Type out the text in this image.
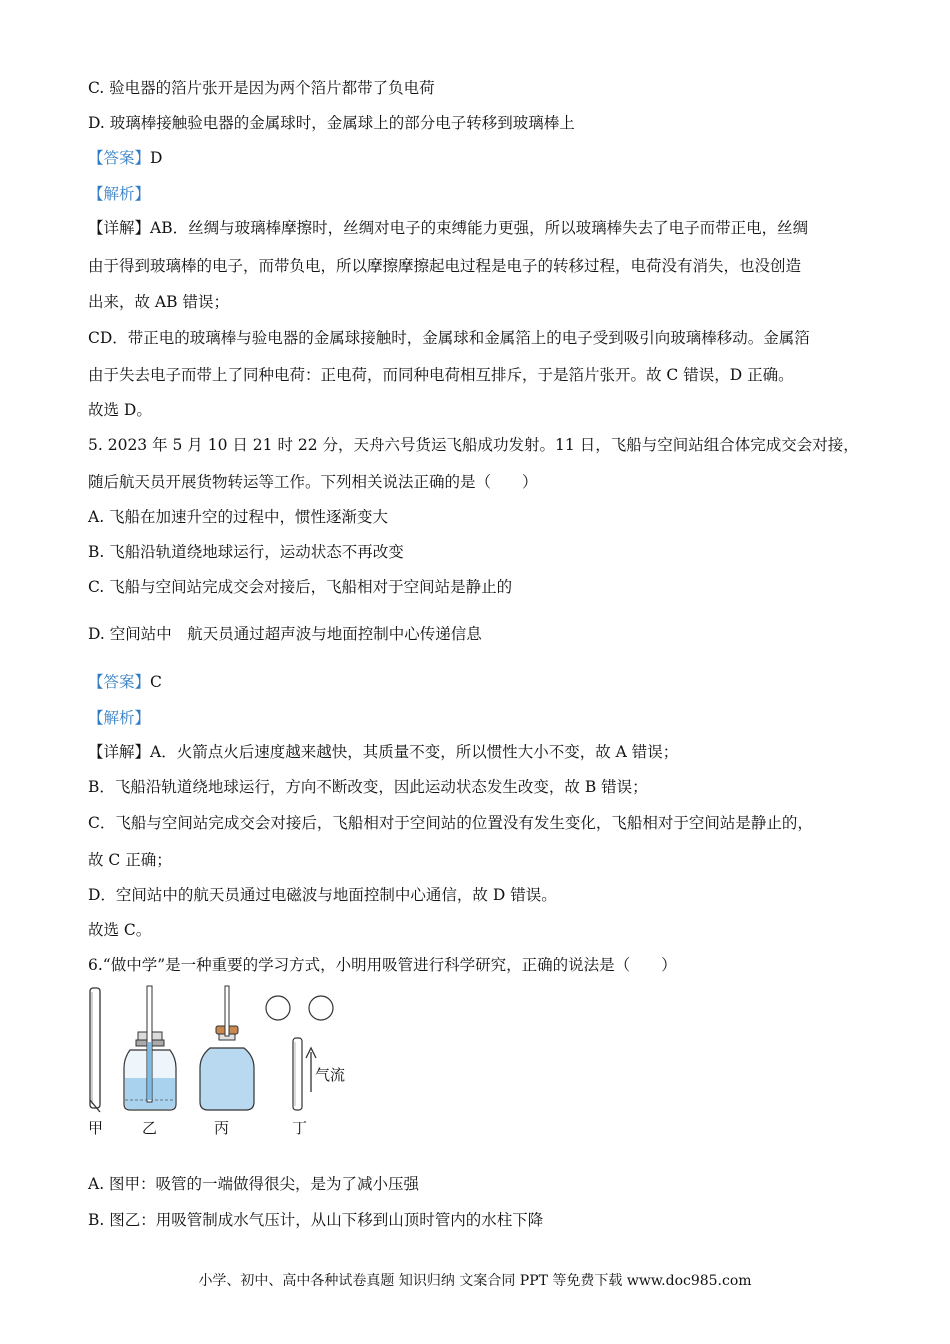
C. 验电器的箔片张开是因为两个箔片都带了负电荷
D. 玻璃棒接触验电器的金属球时，金属球上的部分电子转移到玻璃棒上
【答案】D
【解析】
【详解】AB．丝绸与玻璃棒摩擦时，丝绸对电子的束缚能力更强，所以玻璃棒失去了电子而带正电，丝绸
由于得到玻璃棒的电子，而带负电，所以摩擦摩擦起电过程是电子的转移过程，电荷没有消失，也没创造
出来，故 AB 错误；
CD．带正电的玻璃棒与验电器的金属球接触时，金属球和金属箔上的电子受到吸引向玻璃棒移动。金属箔
由于失去电子而带上了同种电荷：正电荷，而同种电荷相互排斥，于是箔片张开。故 C 错误，D 正确。
故选 D。
5. 2023 年 5 月 10 日 21 时 22 分，天舟六号货运飞船成功发射。11 日，飞船与空间站组合体完成交会对接，
随后航天员开展货物转运等工作。下列相关说法正确的是（　　）
A. 飞船在加速升空的过程中，惯性逐渐变大
B. 飞船沿轨道绕地球运行，运动状态不再改变
C. 飞船与空间站完成交会对接后，飞船相对于空间站是静止的
D. 空间站中　航天员通过超声波与地面控制中心传递信息
【答案】C
【解析】
【详解】A．火箭点火后速度越来越快，其质量不变，所以惯性大小不变，故 A 错误；
B．飞船沿轨道绕地球运行，方向不断改变，因此运动状态发生改变，故 B 错误；
C．飞船与空间站完成交会对接后，飞船相对于空间站的位置没有发生变化，飞船相对于空间站是静止的，
故 C 正确；
D．空间站中的航天员通过电磁波与地面控制中心通信，故 D 错误。
故选 C。
6.“做中学”是一种重要的学习方式，小明用吸管进行科学研究，正确的说法是（　　）
气流
甲	乙	丙	丁
A. 图甲：吸管的一端做得很尖，是为了减小压强
B. 图乙：用吸管制成水气压计，从山下移到山顶时管内的水柱下降
小学、初中、高中各种试卷真题 知识归纳 文案合同 PPT 等免费下载 www.doc985.com
